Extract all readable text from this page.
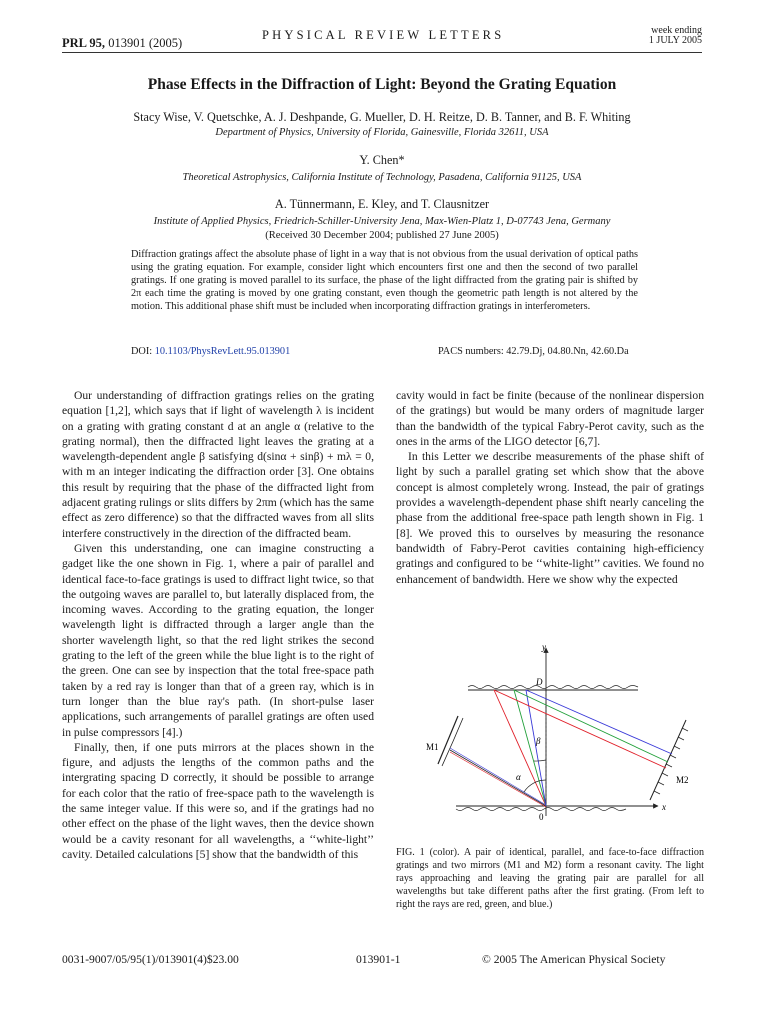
PRL 95, 013901 (2005)
PHYSICAL REVIEW LETTERS	week ending
1 JULY 2005
Phase Effects in the Diffraction of Light: Beyond the Grating Equation
Stacy Wise, V. Quetschke, A. J. Deshpande, G. Mueller, D. H. Reitze, D. B. Tanner, and B. F. Whiting
Department of Physics, University of Florida, Gainesville, Florida 32611, USA
Y. Chen*
Theoretical Astrophysics, California Institute of Technology, Pasadena, California 91125, USA
A. Tünnermann, E. Kley, and T. Clausnitzer
Institute of Applied Physics, Friedrich-Schiller-University Jena, Max-Wien-Platz 1, D-07743 Jena, Germany
(Received 30 December 2004; published 27 June 2005)
Diffraction gratings affect the absolute phase of light in a way that is not obvious from the usual derivation of optical paths using the grating equation. For example, consider light which encounters first one and then the second of two parallel gratings. If one grating is moved parallel to its surface, the phase of the light diffracted from the grating pair is shifted by 2π each time the grating is moved by one grating constant, even though the geometric path length is not altered by the motion. This additional phase shift must be included when incorporating diffraction gratings in interferometers.
DOI: 10.1103/PhysRevLett.95.013901	PACS numbers: 42.79.Dj, 04.80.Nn, 42.60.Da

Our understanding of diffraction gratings relies on the grating equation [1,2], which says that if light of wavelength λ is incident on a grating with grating constant d at an angle α (relative to the grating normal), then the diffracted light leaves the grating at a wavelength-dependent angle β satisfying d(sinα + sinβ) + mλ = 0, with m an integer indicating the diffraction order [3]. One obtains this result by requiring that the phase of the diffracted light from adjacent grating rulings or slits differs by 2πm (which has the same effect as zero difference) so that the diffracted waves from all slits interfere constructively in the direction of the diffracted beam.

Given this understanding, one can imagine constructing a gadget like the one shown in Fig. 1, where a pair of parallel and identical face-to-face gratings is used to diffract light twice, so that the outgoing waves are parallel to, but laterally displaced from, the incoming waves. According to the grating equation, the longer wavelength light is diffracted through a larger angle than the shorter wavelength light, so that the red light strikes the second grating to the left of the green while the blue light is to the right of the green. One can see by inspection that the total free-space path taken by a red ray is longer than that of a green ray, which is in turn longer than the blue ray's path. (In short-pulse laser applications, such arrangements of parallel gratings are often used in pulse compressors [4].)

Finally, then, if one puts mirrors at the places shown in the figure, and adjusts the lengths of the common paths and the intergrating spacing D correctly, it should be possible to arrange for each color that the ratio of free-space path to the wavelength is the same integer value. If this were so, and if the gratings had no other effect on the phase of the light waves, then the device shown would be a cavity resonant for all wavelengths, a ‘‘white-light’’ cavity. Detailed calculations [5] show that the bandwidth of this

cavity would in fact be finite (because of the nonlinear dispersion of the gratings) but would be many orders of magnitude larger than the bandwidth of the typical Fabry-Perot cavity, such as the ones in the arms of the LIGO detector [6,7].

In this Letter we describe measurements of the phase shift of light by such a parallel grating set which show that the above concept is almost completely wrong. Instead, the pair of gratings provides a wavelength-dependent phase shift nearly canceling the phase from the additional free-space path length shown in Fig. 1 [8]. We proved this to ourselves by measuring the resonance bandwidth of Fabry-Perot cavities containing high-efficiency gratings and configured to be ‘‘white-light’’ cavities. We found no enhancement of bandwidth. Here we show why the expected

y
x
D
M1
M2
α
β
0
FIG. 1 (color). A pair of identical, parallel, and face-to-face diffraction gratings and two mirrors (M1 and M2) form a resonant cavity. The light rays approaching and leaving the grating pair are parallel for all wavelengths but take different paths after the first grating. (From left to right the rays are red, green, and blue.)
0031-9007/05/95(1)/013901(4)$23.00	013901-1	© 2005 The American Physical Society
